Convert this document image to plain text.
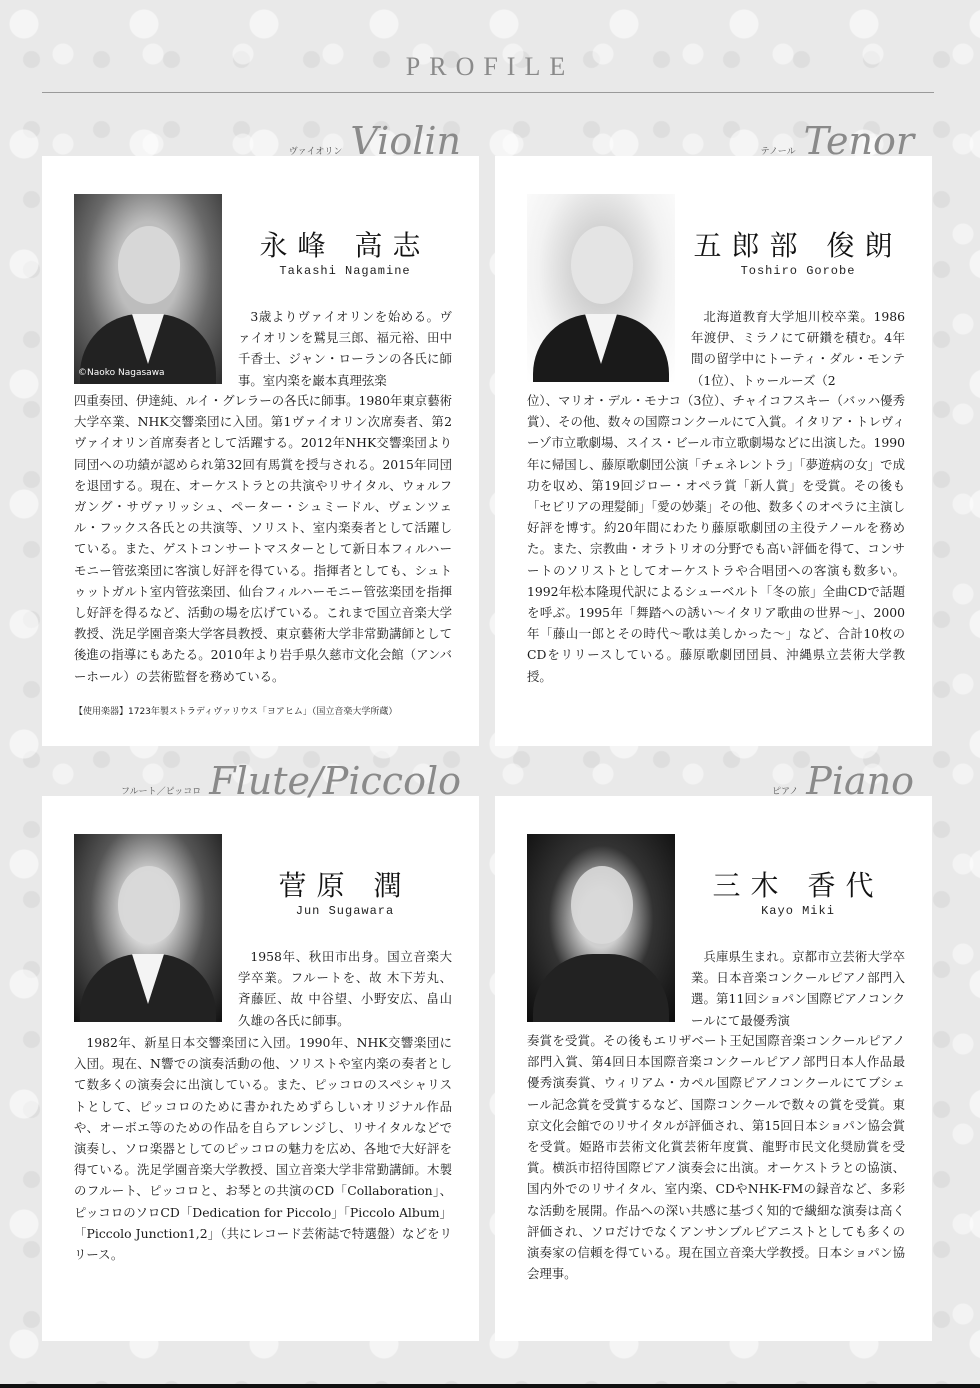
PROFILE
ヴァイオリン Violin
©Naoko Nagasawa
永峰 高志
Takashi Nagamine

3歳よりヴァイオリンを始める。ヴァイオリンを鷲見三郎、福元裕、田中千香士、ジャン・ローランの各氏に師事。室内楽を巌本真理弦楽

四重奏団、伊達純、ルイ・グレラーの各氏に師事。1980年東京藝術大学卒業、NHK交響楽団に入団。第1ヴァイオリン次席奏者、第2ヴァイオリン首席奏者として活躍する。2012年NHK交響楽団より同団への功績が認められ第32回有馬賞を授与される。2015年同団を退団する。現在、オーケストラとの共演やリサイタル、ウォルフガング・サヴァリッシュ、ペーター・シュミードル、ヴェンツェル・フックス各氏との共演等、ソリスト、室内楽奏者として活躍している。また、ゲストコンサートマスターとして新日本フィルハーモニー管弦楽団に客演し好評を得ている。指揮者としても、シュトゥットガルト室内管弦楽団、仙台フィルハーモニー管弦楽団を指揮し好評を得るなど、活動の場を広げている。これまで国立音楽大学教授、洗足学園音楽大学客員教授、東京藝術大学非常勤講師として後進の指導にもあたる。2010年より岩手県久慈市文化会館（アンバーホール）の芸術監督を務めている。

【使用楽器】1723年製ストラディヴァリウス「ヨアヒム」（国立音楽大学所蔵）
テノール Tenor
五郎部 俊朗
Toshiro Gorobe

北海道教育大学旭川校卒業。1986年渡伊、ミラノにて研鑽を積む。4年間の留学中にトーティ・ダル・モンテ（1位）、トゥールーズ（2

位）、マリオ・デル・モナコ（3位）、チャイコフスキー（バッハ優秀賞）、その他、数々の国際コンクールにて入賞。イタリア・トレヴィーゾ市立歌劇場、スイス・ビール市立歌劇場などに出演した。1990年に帰国し、藤原歌劇団公演「チェネレントラ」「夢遊病の女」で成功を収め、第19回ジロー・オペラ賞「新人賞」を受賞。その後も「セビリアの理髪師」「愛の妙薬」その他、数多くのオペラに主演し好評を博す。約20年間にわたり藤原歌劇団の主役テノールを務めた。また、宗教曲・オラトリオの分野でも高い評価を得て、コンサートのソリストとしてオーケストラや合唱団への客演も数多い。1992年松本隆現代訳によるシューベルト「冬の旅」全曲CDで話題を呼ぶ。1995年「舞踏への誘い～イタリア歌曲の世界～」、2000年「藤山一郎とその時代～歌は美しかった～」など、合計10枚のCDをリリースしている。藤原歌劇団団員、沖縄県立芸術大学教授。

フルート／ピッコロ Flute/Piccolo
菅原 潤
Jun Sugawara

1958年、秋田市出身。国立音楽大学卒業。フルートを、故 木下芳丸、斉藤匠、故 中谷望、小野安広、畠山久雄の各氏に師事。

1982年、新星日本交響楽団に入団。1990年、NHK交響楽団に入団。現在、N響での演奏活動の他、ソリストや室内楽の奏者として数多くの演奏会に出演している。また、ピッコロのスペシャリストとして、ピッコロのために書かれためずらしいオリジナル作品や、オーボエ等のための作品を自らアレンジし、リサイタルなどで演奏し、ソロ楽器としてのピッコロの魅力を広め、各地で大好評を得ている。洗足学園音楽大学教授、国立音楽大学非常勤講師。木製のフルート、ピッコロと、お琴との共演のCD「Collaboration」、ピッコロのソロCD「Dedication for Piccolo」「Piccolo Album」「Piccolo Junction1,2」（共にレコード芸術誌で特選盤）などをリリース。

ピアノ Piano
三木 香代
Kayo Miki

兵庫県生まれ。京都市立芸術大学卒業。日本音楽コンクールピアノ部門入選。第11回ショパン国際ピアノコンクールにて最優秀演

奏賞を受賞。その後もエリザベート王妃国際音楽コンクールピアノ部門入賞、第4回日本国際音楽コンクールピアノ部門日本人作品最優秀演奏賞、ウィリアム・カペル国際ピアノコンクールにてブシェール記念賞を受賞するなど、国際コンクールで数々の賞を受賞。東京文化会館でのリサイタルが評価され、第15回日本ショパン協会賞を受賞。姫路市芸術文化賞芸術年度賞、龍野市民文化奨励賞を受賞。横浜市招待国際ピアノ演奏会に出演。オーケストラとの協演、国内外でのリサイタル、室内楽、CDやNHK-FMの録音など、多彩な活動を展開。作品への深い共感に基づく知的で繊細な演奏は高く評価され、ソロだけでなくアンサンブルピアニストとしても多くの演奏家の信頼を得ている。現在国立音楽大学教授。日本ショパン協会理事。
